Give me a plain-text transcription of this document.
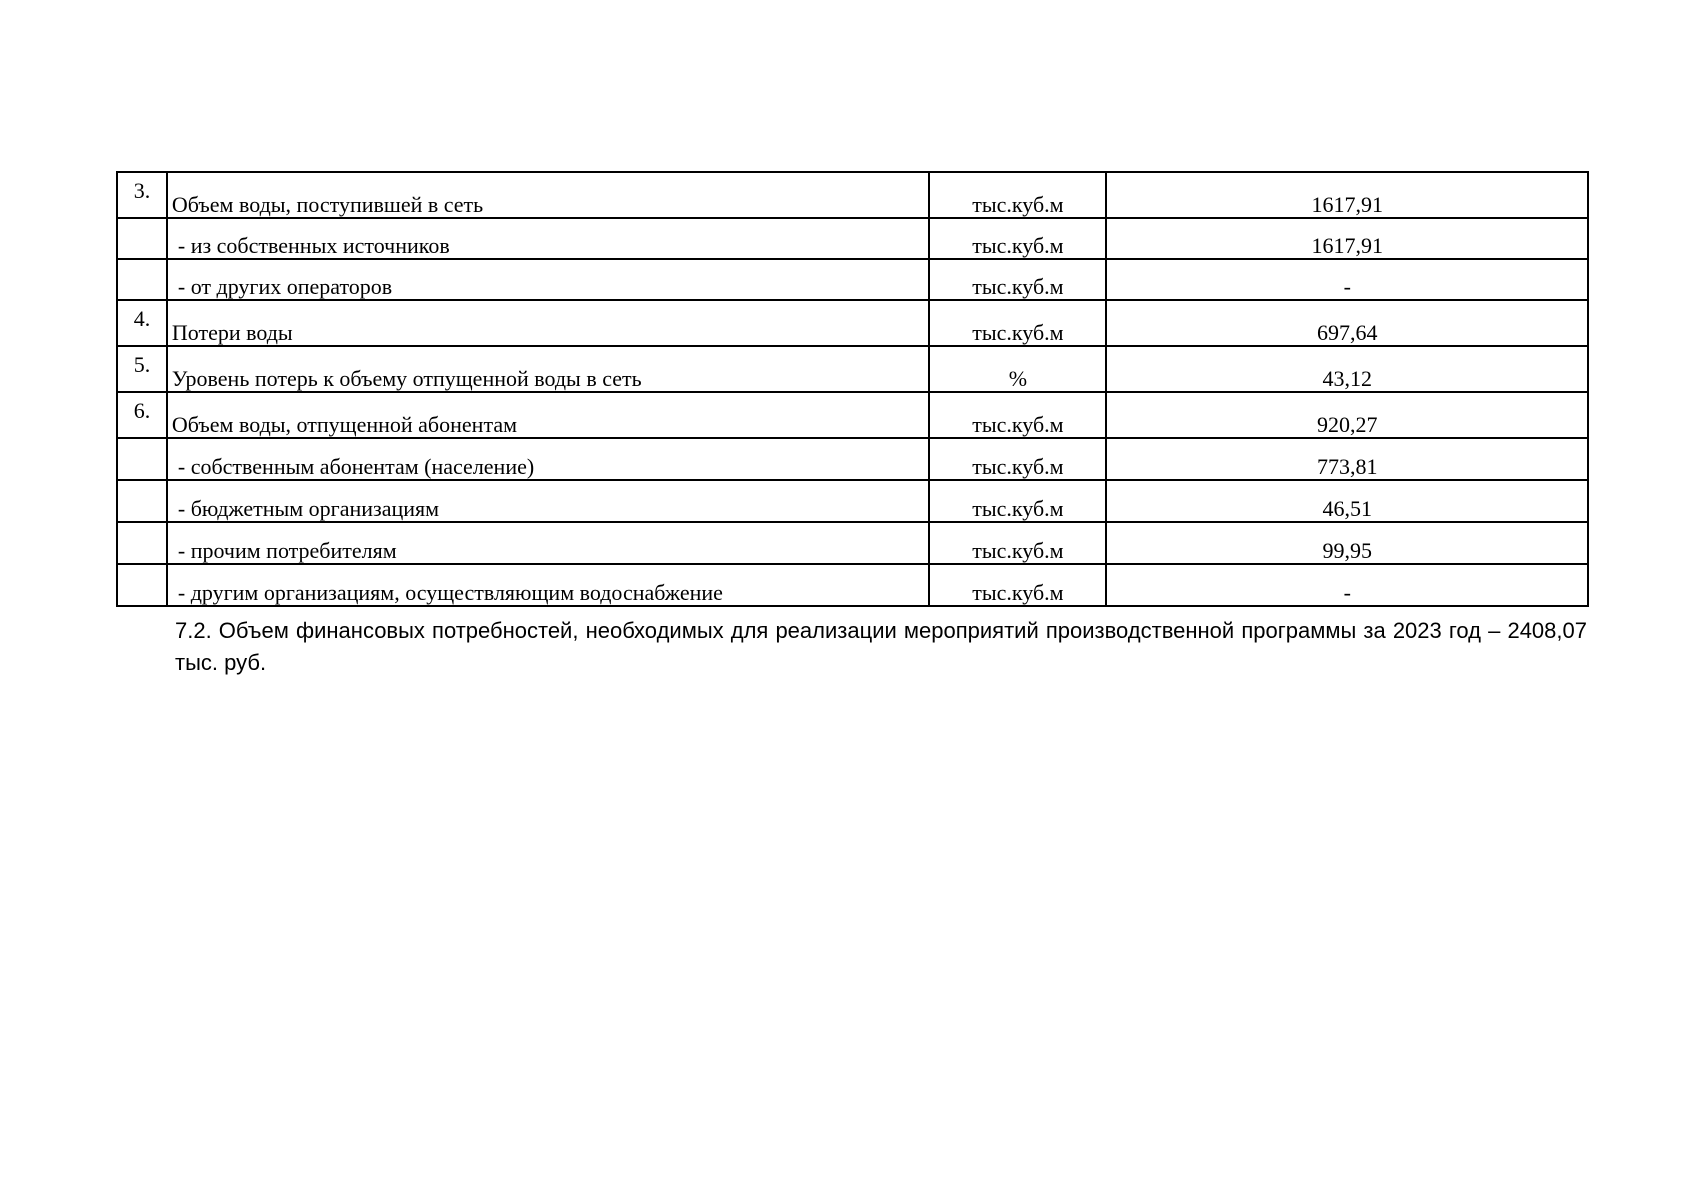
3.	Объем воды, поступившей в сеть	тыс.куб.м	1617,91
	- из собственных источников	тыс.куб.м	1617,91
	- от других операторов	тыс.куб.м	-
4.	Потери воды	тыс.куб.м	697,64
5.	Уровень потерь к объему отпущенной воды в сеть	%	43,12
6.	Объем воды, отпущенной абонентам	тыс.куб.м	920,27
	- собственным абонентам (население)	тыс.куб.м	773,81
	- бюджетным организациям	тыс.куб.м	46,51
	- прочим потребителям	тыс.куб.м	99,95
	- другим организациям, осуществляющим водоснабжение	тыс.куб.м	-

7.2. Объем финансовых потребностей, необходимых для реализации мероприятий производственной программы за 2023 год – 2408,07 тыс. руб.
